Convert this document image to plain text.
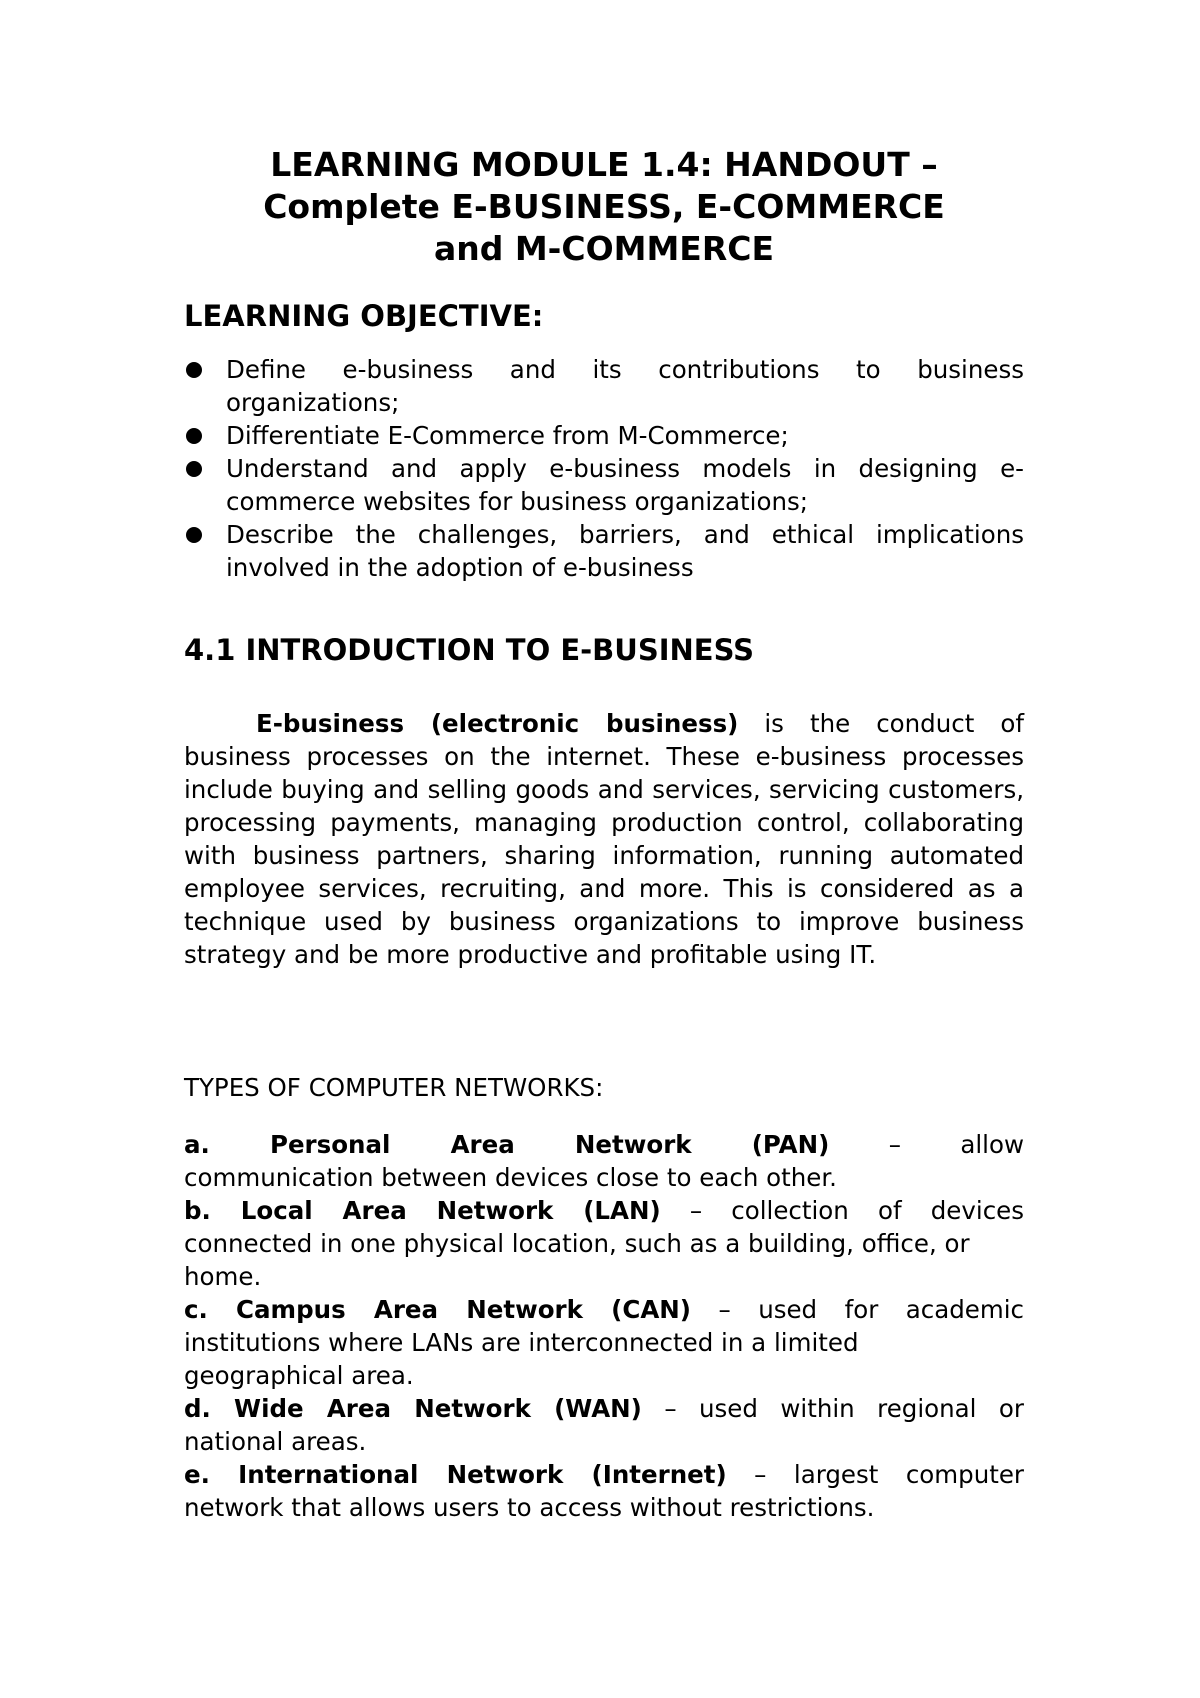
LEARNING MODULE 1.4: HANDOUT –
Complete E-BUSINESS, E-COMMERCE
and M-COMMERCE
LEARNING OBJECTIVE:
Define e-business and its contributions to business organizations;
Differentiate E-Commerce from M-Commerce;
Understand and apply e-business models in designing e-commerce websites for business organizations;
Describe the challenges, barriers, and ethical implications involved in the adoption of e-business
4.1 INTRODUCTION TO E-BUSINESS

E-business (electronic business) is the conduct of business processes on the internet. These e-business processes include buying and selling goods and services, servicing customers, processing payments, managing production control, collaborating with business partners, sharing information, running automated employee services, recruiting, and more. This is considered as a technique used by business organizations to improve business strategy and be more productive and profitable using IT.

TYPES OF COMPUTER NETWORKS:

a. Personal Area Network (PAN) – allow
communication between devices close to each other.
b. Local Area Network (LAN) – collection of devices
connected in one physical location, such as a building, office, or home.
c. Campus Area Network (CAN) – used for academic
institutions where LANs are interconnected in a limited geographical area.
d. Wide Area Network (WAN) – used within regional or
national areas.
e. International Network (Internet) – largest computer
network that allows users to access without restrictions.
